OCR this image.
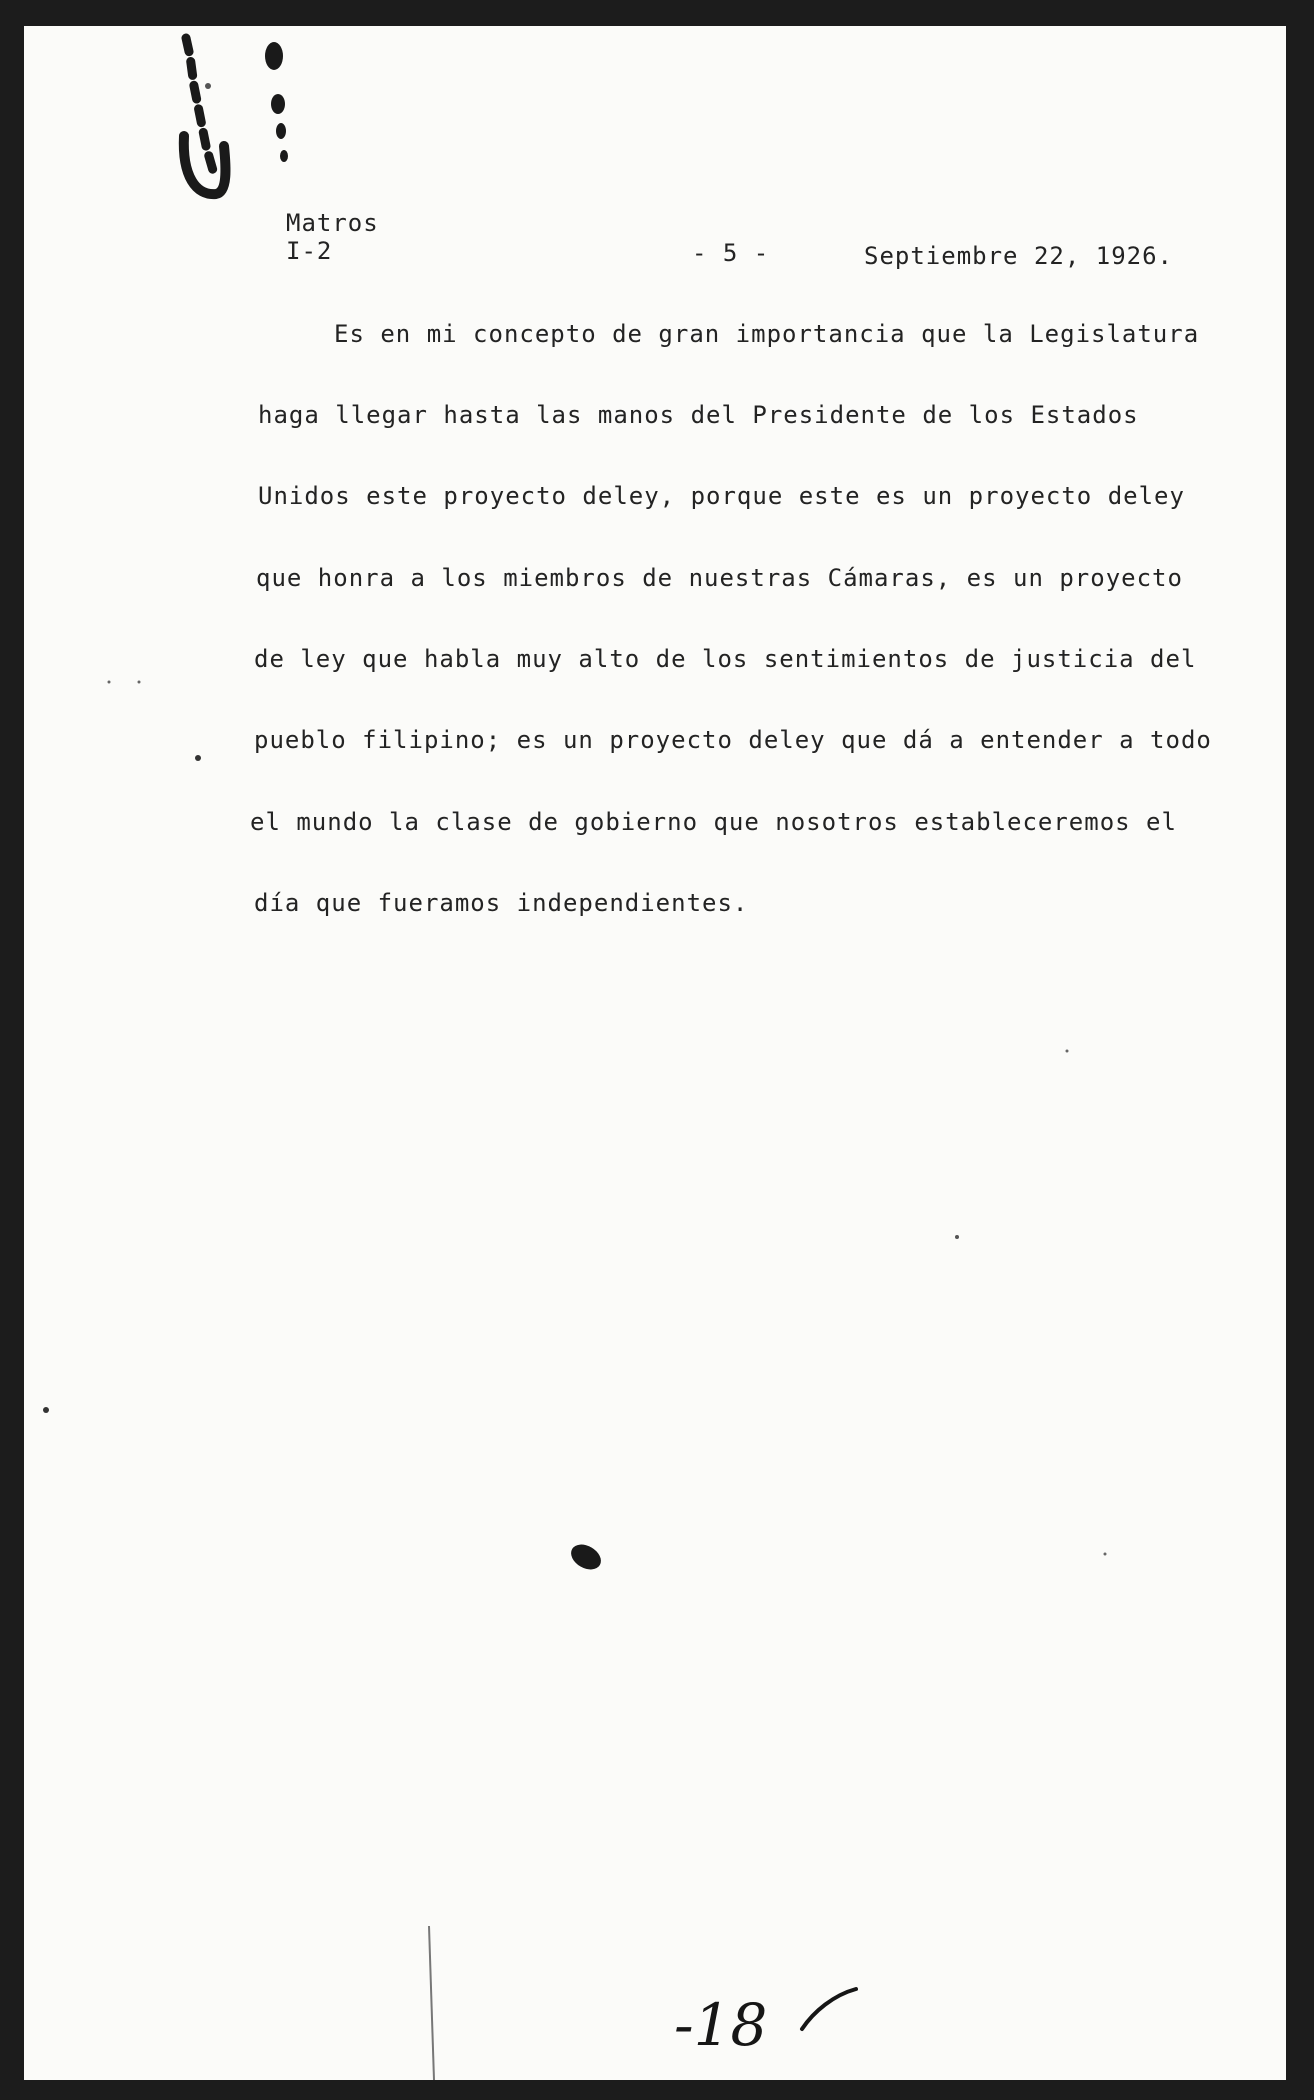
Matros
I-2	- 5 -	Septiembre 22, 1926.
Es en mi concepto de gran importancia que la Legislatura
haga llegar hasta las manos del Presidente de los Estados
Unidos este proyecto deley, porque este es un proyecto deley
que honra a los miembros de nuestras Cámaras, es un proyecto
de ley que habla muy alto de los sentimientos de justicia del
pueblo filipino; es un proyecto deley que dá a entender a todo
el mundo la clase de gobierno que nosotros estableceremos el
día que fueramos independientes.
-18
